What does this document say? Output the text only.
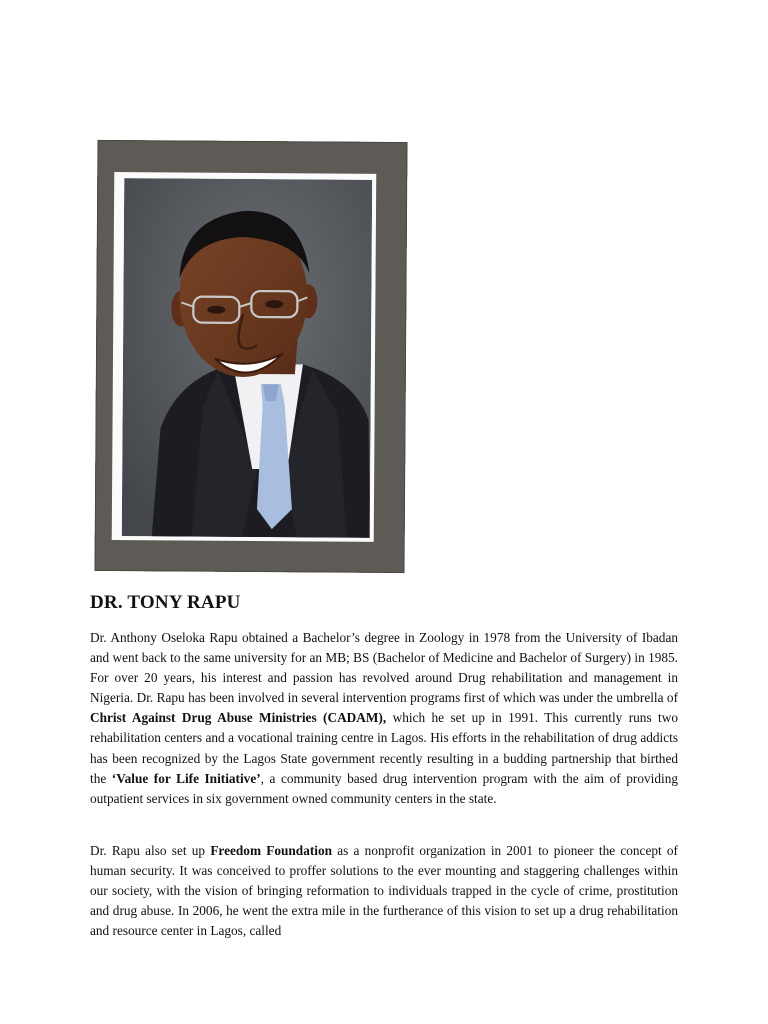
DR. TONY RAPU

Dr. Anthony Oseloka Rapu obtained a Bachelor’s degree in Zoology in 1978 from the University of Ibadan and went back to the same university for an MB; BS (Bachelor of Medicine and Bachelor of Surgery) in 1985. For over 20 years, his interest and passion has revolved around Drug rehabilitation and management in Nigeria. Dr. Rapu has been involved in several intervention programs first of which was under the umbrella of Christ Against Drug Abuse Ministries (CADAM), which he set up in 1991. This currently runs two rehabilitation centers and a vocational training centre in Lagos. His efforts in the rehabilitation of drug addicts has been recognized by the Lagos State government recently resulting in a budding partnership that birthed the ‘Value for Life Initiative’, a community based drug intervention program with the aim of providing outpatient services in six government owned community centers in the state.

Dr. Rapu also set up Freedom Foundation as a nonprofit organization in 2001 to pioneer the concept of human security. It was conceived to proffer solutions to the ever mounting and staggering challenges within our society, with the vision of bringing reformation to individuals trapped in the cycle of crime, prostitution and drug abuse. In 2006, he went the extra mile in the furtherance of this vision to set up a drug rehabilitation and resource center in Lagos, called
